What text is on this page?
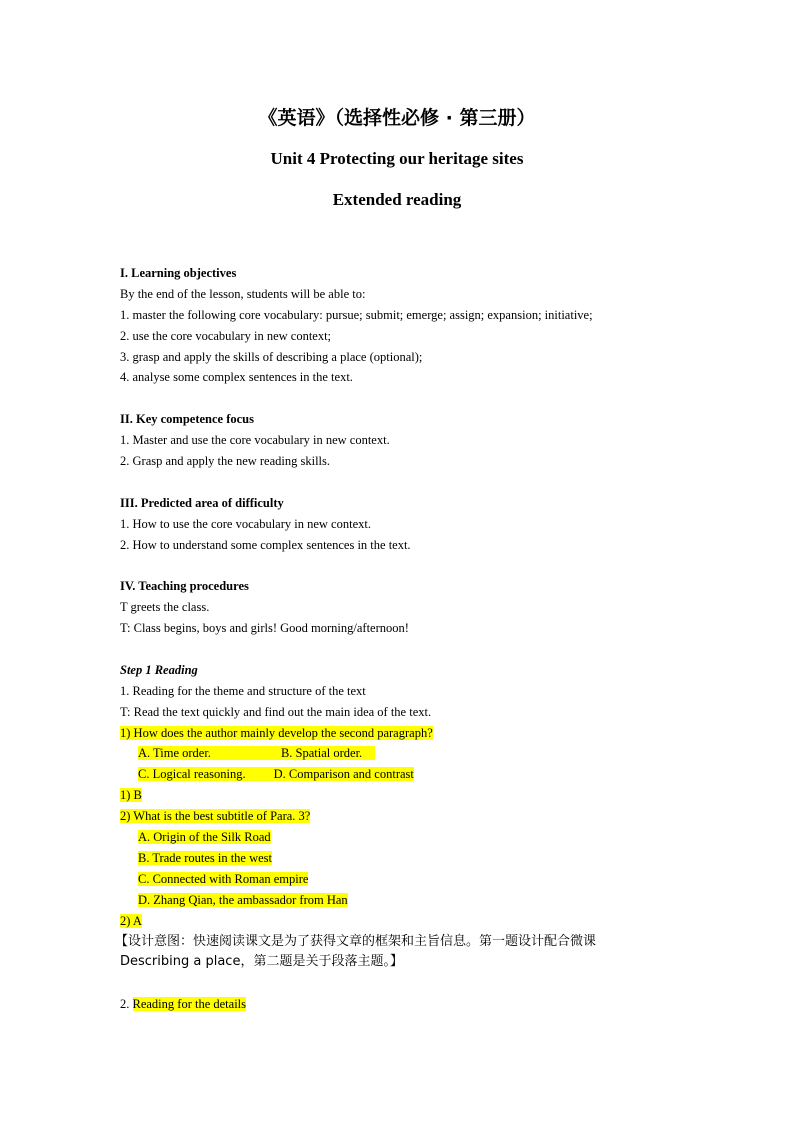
《英语》（选择性必修 · 第三册）
Unit 4 Protecting our heritage sites
Extended reading
I. Learning objectives
By the end of the lesson, students will be able to:
1. master the following core vocabulary: pursue; submit; emerge; assign; expansion; initiative;
2. use the core vocabulary in new context;
3. grasp and apply the skills of describing a place (optional);
4. analyse some complex sentences in the text.
II. Key competence focus
1. Master and use the core vocabulary in new context.
2. Grasp and apply the new reading skills.
III. Predicted area of difficulty
1. How to use the core vocabulary in new context.
2. How to understand some complex sentences in the text.
IV. Teaching procedures
T greets the class.
T: Class begins, boys and girls! Good morning/afternoon!
Step 1 Reading
1. Reading for the theme and structure of the text
T: Read the text quickly and find out the main idea of the text.
1) How does the author mainly develop the second paragraph?
A. Time order.	B. Spatial order.
C. Logical reasoning. D. Comparison and contrast
1) B
2) What is the best subtitle of Para. 3?
A. Origin of the Silk Road
B. Trade routes in the west
C. Connected with Roman empire
D. Zhang Qian, the ambassador from Han
2) A
【设计意图：快速阅读课文是为了获得文章的框架和主旨信息。第一题设计配合微课
Describing a place，第二题是关于段落主题。】
2. Reading for the details
